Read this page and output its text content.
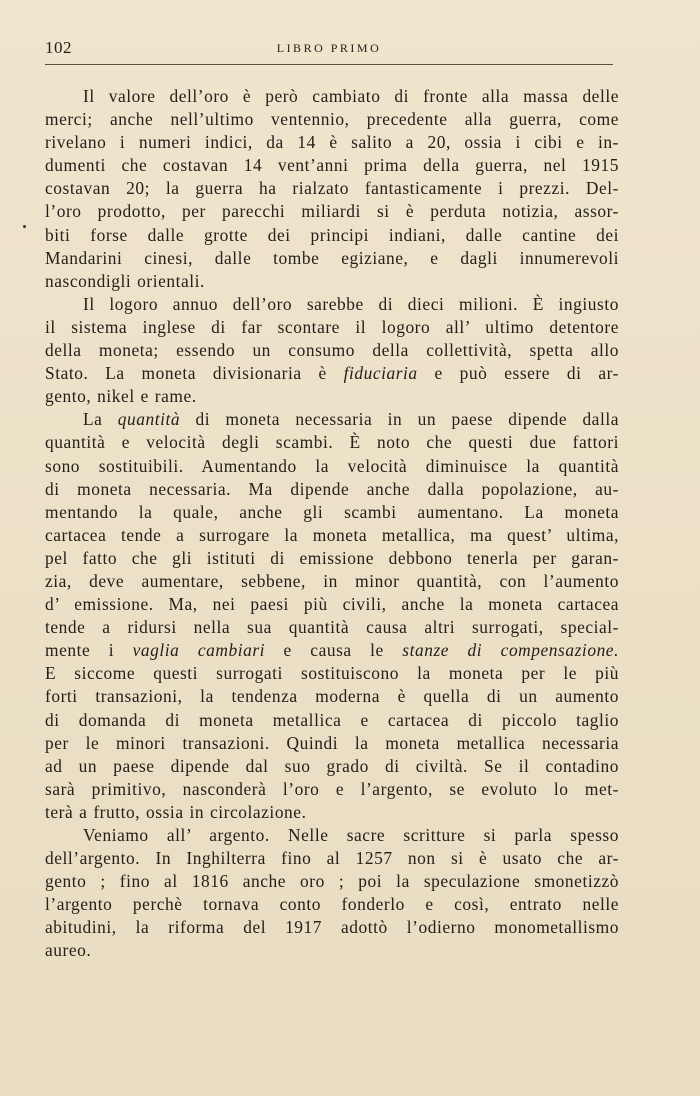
102	LIBRO PRIMO
Il valore dell’oro è però cambiato di fronte alla massa delle
merci; anche nell’ultimo ventennio, precedente alla guerra, come
rivelano i numeri indici, da 14 è salito a 20, ossia i cibi e in-
dumenti che costavan 14 vent’anni prima della guerra, nel 1915
costavan 20; la guerra ha rialzato fantasticamente i prezzi. Del-
l’oro prodotto, per parecchi miliardi si è perduta notizia, assor-
biti forse dalle grotte dei principi indiani, dalle cantine dei
Mandarini cinesi, dalle tombe egiziane, e dagli innumerevoli
nascondigli orientali.
Il logoro annuo dell’oro sarebbe di dieci milioni. È ingiusto
il sistema inglese di far scontare il logoro all’ ultimo detentore
della moneta; essendo un consumo della collettività, spetta allo
Stato. La moneta divisionaria è fiduciaria e può essere di ar-
gento, nikel e rame.
La quantità di moneta necessaria in un paese dipende dalla
quantità e velocità degli scambi. È noto che questi due fattori
sono sostituibili. Aumentando la velocità diminuisce la quantità
di moneta necessaria. Ma dipende anche dalla popolazione, au-
mentando la quale, anche gli scambi aumentano. La moneta
cartacea tende a surrogare la moneta metallica, ma quest’ ultima,
pel fatto che gli istituti di emissione debbono tenerla per garan-
zia, deve aumentare, sebbene, in minor quantità, con l’aumento
d’ emissione. Ma, nei paesi più civili, anche la moneta cartacea
tende a ridursi nella sua quantità causa altri surrogati, special-
mente i vaglia cambiari e causa le stanze di compensazione.
E siccome questi surrogati sostituiscono la moneta per le più
forti transazioni, la tendenza moderna è quella di un aumento
di domanda di moneta metallica e cartacea di piccolo taglio
per le minori transazioni. Quindi la moneta metallica necessaria
ad un paese dipende dal suo grado di civiltà. Se il contadino
sarà primitivo, nasconderà l’oro e l’argento, se evoluto lo met-
terà a frutto, ossia in circolazione.
Veniamo all’ argento. Nelle sacre scritture si parla spesso
dell’argento. In Inghilterra fino al 1257 non si è usato che ar-
gento ; fino al 1816 anche oro ; poi la speculazione smonetizzò
l’argento perchè tornava conto fonderlo e così, entrato nelle
abitudini, la riforma del 1917 adottò l’odierno monometallismo
aureo.
